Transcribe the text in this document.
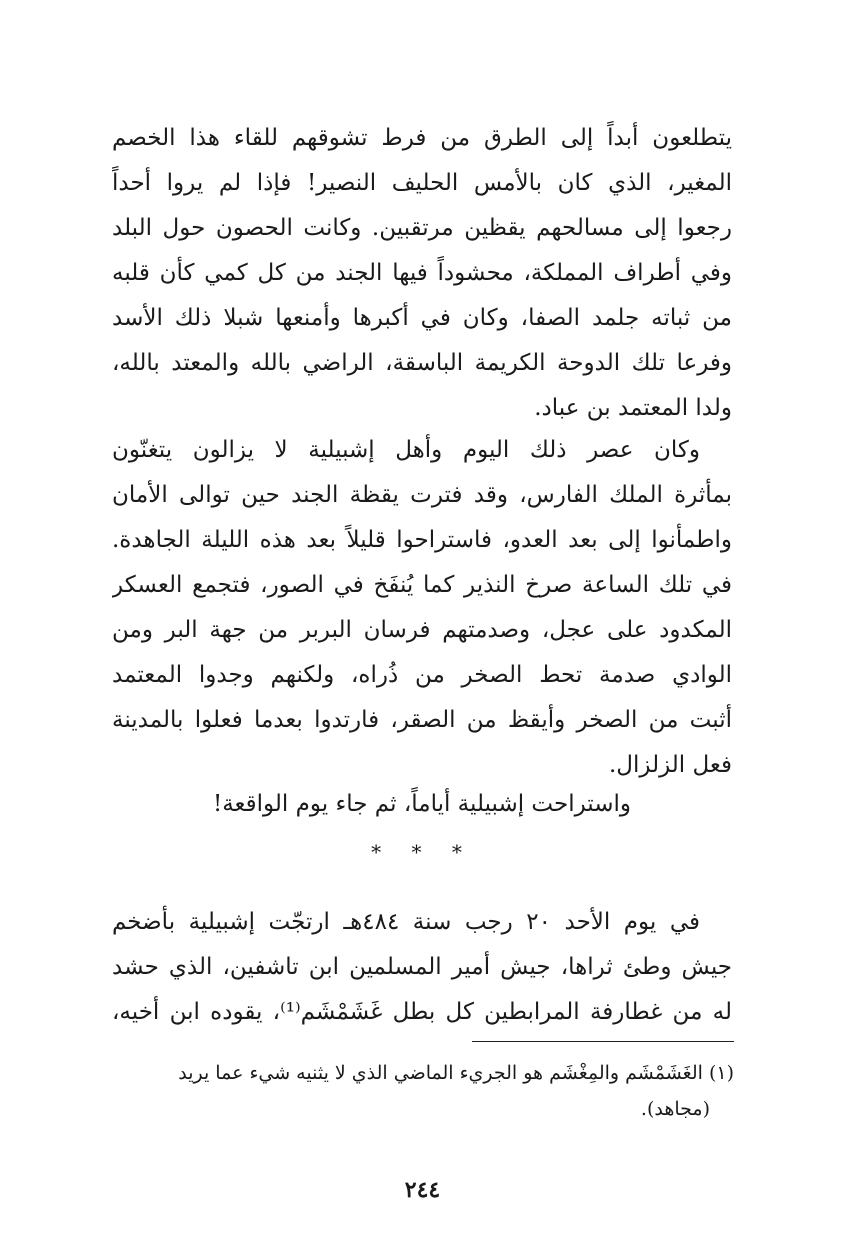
يتطلعون أبداً إلى الطرق من فرط تشوقهم للقاء هذا الخصم
المغير، الذي كان بالأمس الحليف النصير! فإذا لم يروا أحداً
رجعوا إلى مسالحهم يقظين مرتقبين. وكانت الحصون حول البلد
وفي أطراف المملكة، محشوداً فيها الجند من كل كمي كأن قلبه
من ثباته جلمد الصفا، وكان في أكبرها وأمنعها شبلا ذلك الأسد
وفرعا تلك الدوحة الكريمة الباسقة، الراضي بالله والمعتد بالله،
ولدا المعتمد بن عباد.
وكان عصر ذلك اليوم وأهل إشبيلية لا يزالون يتغنّون
بمأثرة الملك الفارس، وقد فترت يقظة الجند حين توالى الأمان
واطمأنوا إلى بعد العدو، فاستراحوا قليلاً بعد هذه الليلة الجاهدة.
في تلك الساعة صرخ النذير كما يُنفَخ في الصور، فتجمع العسكر
المكدود على عجل، وصدمتهم فرسان البربر من جهة البر ومن
الوادي صدمة تحط الصخر من ذُراه، ولكنهم وجدوا المعتمد
أثبت من الصخر وأيقظ من الصقر، فارتدوا بعدما فعلوا بالمدينة
فعل الزلزال.
واستراحت إشبيلية أياماً، ثم جاء يوم الواقعة!
* * *
في يوم الأحد ٢٠ رجب سنة ٤٨٤هـ ارتجّت إشبيلية بأضخم
جيش وطئ ثراها، جيش أمير المسلمين ابن تاشفين، الذي حشد
له من غطارفة المرابطين كل بطل غَشَمْشَم⁽¹⁾، يقوده ابن أخيه،
(١) الغَشَمْشَم والمِغْشَم هو الجريء الماضي الذي لا يثنيه شيء عما يريد
(مجاهد).
٢٤٤
